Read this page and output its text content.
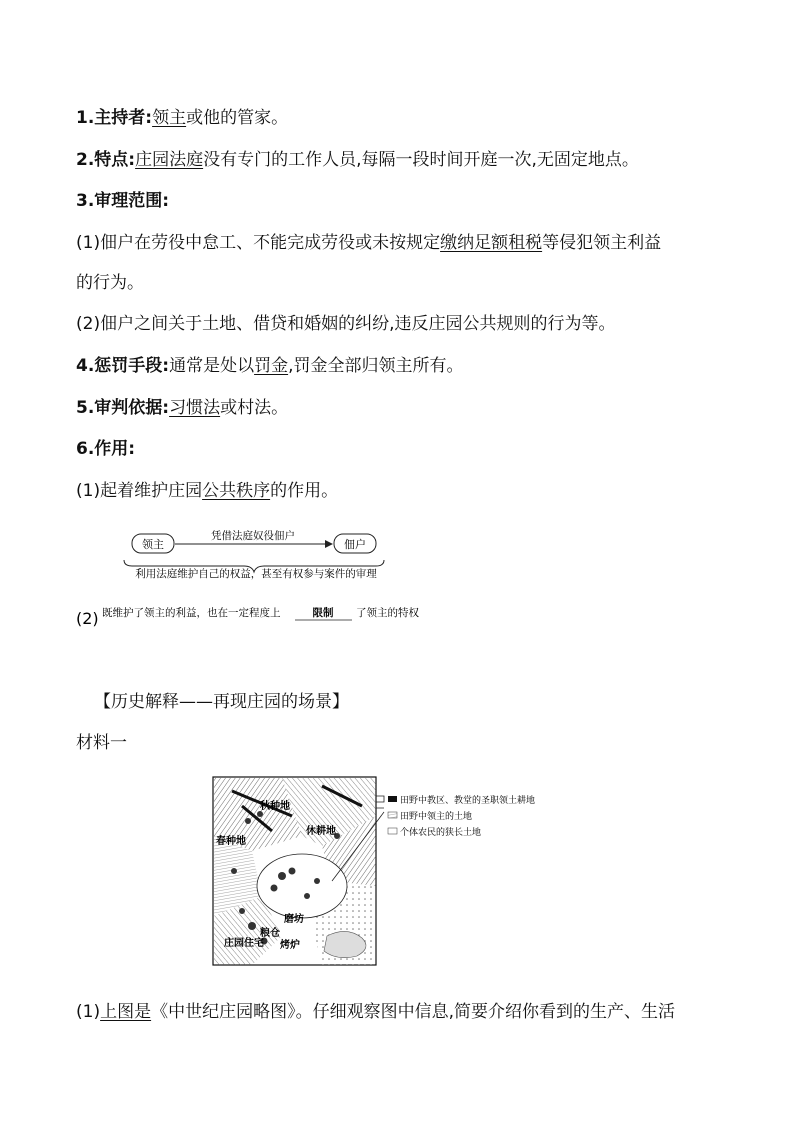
1.主持者:领主或他的管家。
2.特点:庄园法庭没有专门的工作人员,每隔一段时间开庭一次,无固定地点。
3.审理范围:
(1)佃户在劳役中怠工、不能完成劳役或未按规定缴纳足额租税等侵犯领主利益
的行为。
(2)佃户之间关于土地、借贷和婚姻的纠纷,违反庄园公共规则的行为等。
4.惩罚手段:通常是处以罚金,罚金全部归领主所有。
5.审判依据:习惯法或村法。
6.作用:
(1)起着维护庄园公共秩序的作用。
领主	佃户
凭借法庭奴役佃户
利用法庭维护自己的权益，甚至有权参与案件的审理
(2) 既维护了领主的利益，也在一定程度上	限制 了领主的特权
【历史解释——再现庄园的场景】
材料一
秋种地
春种地
休耕地
磨坊
粮仓
烤炉
庄园住宅
田野中教区、教堂的圣职领土耕地
田野中领主的土地
个体农民的狭长土地
(1)上图是《中世纪庄园略图》。仔细观察图中信息,简要介绍你看到的生产、生活
